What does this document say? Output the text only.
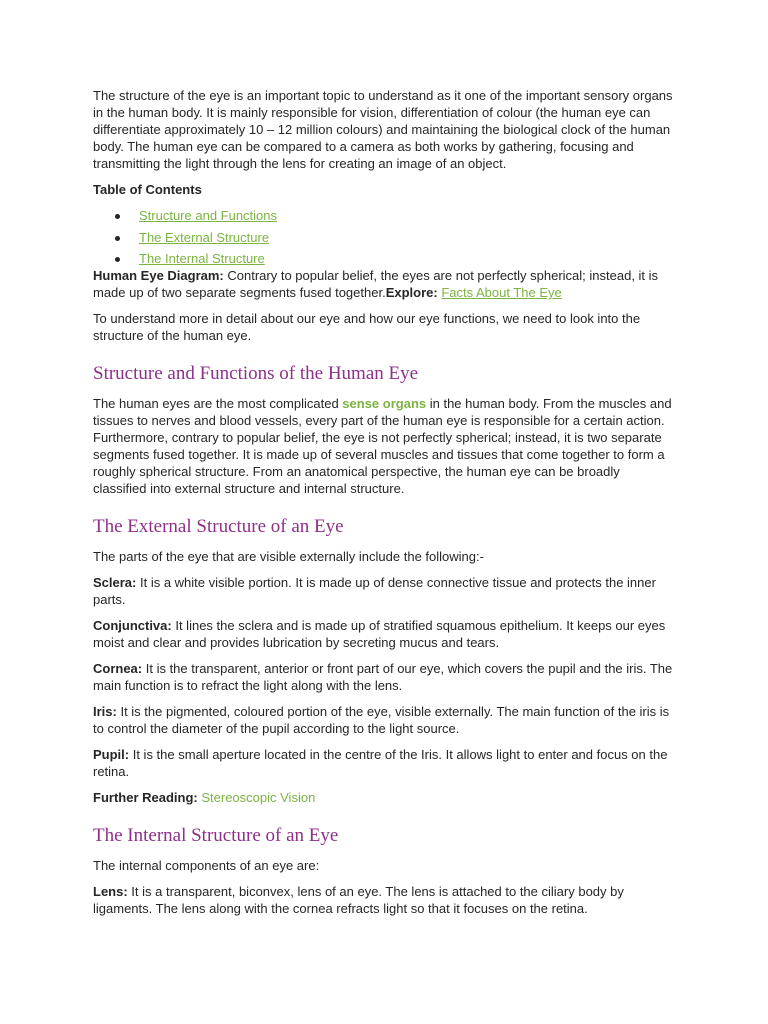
The structure of the eye is an important topic to understand as it one of the important sensory organs in the human body. It is mainly responsible for vision, differentiation of colour (the human eye can differentiate approximately 10 – 12 million colours) and maintaining the biological clock of the human body. The human eye can be compared to a camera as both works by gathering, focusing and transmitting the light through the lens for creating an image of an object.

Table of Contents

Structure and Functions
The External Structure
The Internal Structure

Human Eye Diagram: Contrary to popular belief, the eyes are not perfectly spherical; instead, it is made up of two separate segments fused together.Explore: Facts About The Eye

To understand more in detail about our eye and how our eye functions, we need to look into the structure of the human eye.

Structure and Functions of the Human Eye

The human eyes are the most complicated sense organs in the human body. From the muscles and tissues to nerves and blood vessels, every part of the human eye is responsible for a certain action. Furthermore, contrary to popular belief, the eye is not perfectly spherical; instead, it is two separate segments fused together. It is made up of several muscles and tissues that come together to form a roughly spherical structure. From an anatomical perspective, the human eye can be broadly classified into external structure and internal structure.

The External Structure of an Eye

The parts of the eye that are visible externally include the following:-

Sclera: It is a white visible portion. It is made up of dense connective tissue and protects the inner parts.

Conjunctiva: It lines the sclera and is made up of stratified squamous epithelium. It keeps our eyes moist and clear and provides lubrication by secreting mucus and tears.

Cornea: It is the transparent, anterior or front part of our eye, which covers the pupil and the iris. The main function is to refract the light along with the lens.

Iris: It is the pigmented, coloured portion of the eye, visible externally. The main function of the iris is to control the diameter of the pupil according to the light source.

Pupil: It is the small aperture located in the centre of the Iris. It allows light to enter and focus on the retina.

Further Reading: Stereoscopic Vision

The Internal Structure of an Eye

The internal components of an eye are:

Lens: It is a transparent, biconvex, lens of an eye. The lens is attached to the ciliary body by ligaments. The lens along with the cornea refracts light so that it focuses on the retina.
